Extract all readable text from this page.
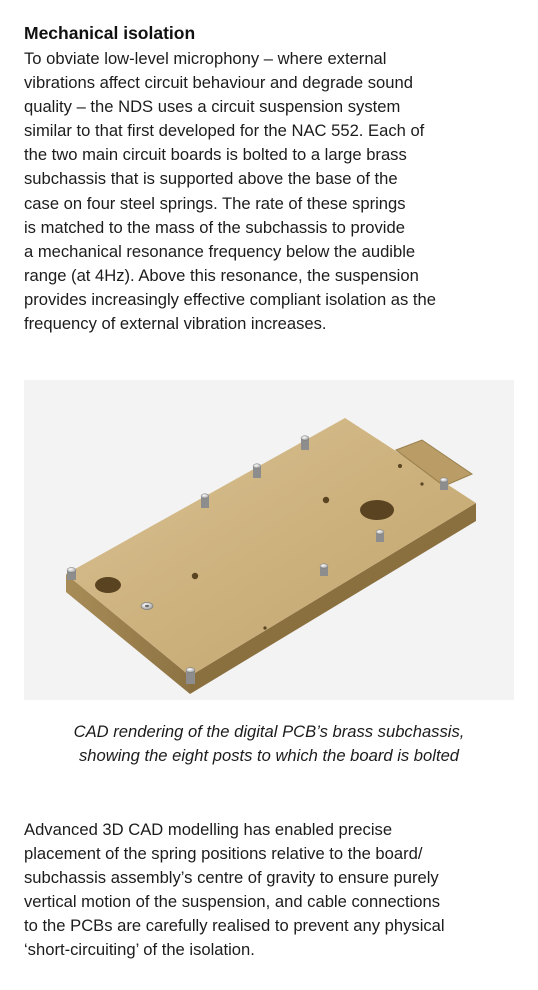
Mechanical isolation

To obviate low-level microphony – where external
vibrations affect circuit behaviour and degrade sound
quality – the NDS uses a circuit suspension system
similar to that first developed for the NAC 552. Each of
the two main circuit boards is bolted to a large brass
subchassis that is supported above the base of the
case on four steel springs. The rate of these springs
is matched to the mass of the subchassis to provide
a mechanical resonance frequency below the audible
range (at 4Hz). Above this resonance, the suspension
provides increasingly effective compliant isolation as the
frequency of external vibration increases.

CAD rendering of the digital PCB’s brass subchassis,
showing the eight posts to which the board is bolted

Advanced 3D CAD modelling has enabled precise
placement of the spring positions relative to the board/
subchassis assembly’s centre of gravity to ensure purely
vertical motion of the suspension, and cable connections
to the PCBs are carefully realised to prevent any physical
‘short-circuiting’ of the isolation.
